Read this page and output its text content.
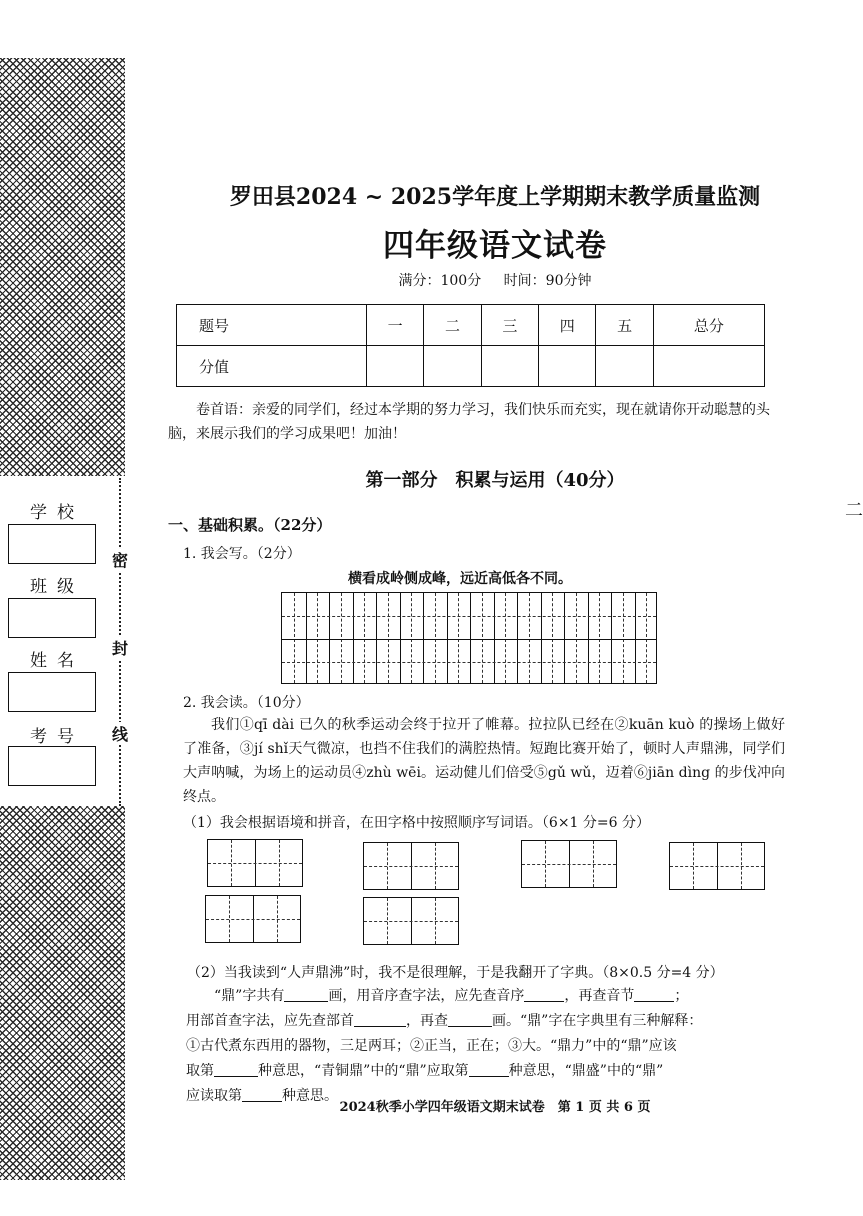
学校
班级
姓名
考号
密
封
线
二
罗田县2024 ~ 2025学年度上学期期末教学质量监测
四年级语文试卷
满分：100分 时间：90分钟
题号	一	二	三	四	五	总分
分值						
卷首语：亲爱的同学们，经过本学期的努力学习，我们快乐而充实，现在就请你开动聪慧的头脑，来展示我们的学习成果吧！加油！
第一部分　积累与运用（40分）
一、基础积累。（22分）
1. 我会写。（2分）
横看成岭侧成峰，远近高低各不同。
2. 我会读。（10分）
我们①qī dài 已久的秋季运动会终于拉开了帷幕。拉拉队已经在②kuān kuò 的操场上做好了准备，③jí shǐ天气微凉，也挡不住我们的满腔热情。短跑比赛开始了，顿时人声鼎沸，同学们大声呐喊，为场上的运动员④zhù wēi。运动健儿们倍受⑤gǔ wǔ，迈着⑥jiān dìng 的步伐冲向终点。
（1）我会根据语境和拼音，在田字格中按照顺序写词语。（6×1 分=6 分）
（2）当我读到“人声鼎沸”时，我不是很理解，于是我翻开了字典。（8×0.5 分=4 分）

“鼎”字共有	画，用音序查字法，应先查音序	，再查音节	；

用部首查字法，应先查部首	，再查	画。“鼎”字在字典里有三种解释：

①古代煮东西用的器物，三足两耳；②正当，正在；③大。“鼎力”中的“鼎”应该

取第	种意思，“青铜鼎”中的“鼎”应取第	种意思，“鼎盛”中的“鼎”

应读取第	种意思。

2024秋季小学四年级语文期末试卷　第 1 页 共 6 页
